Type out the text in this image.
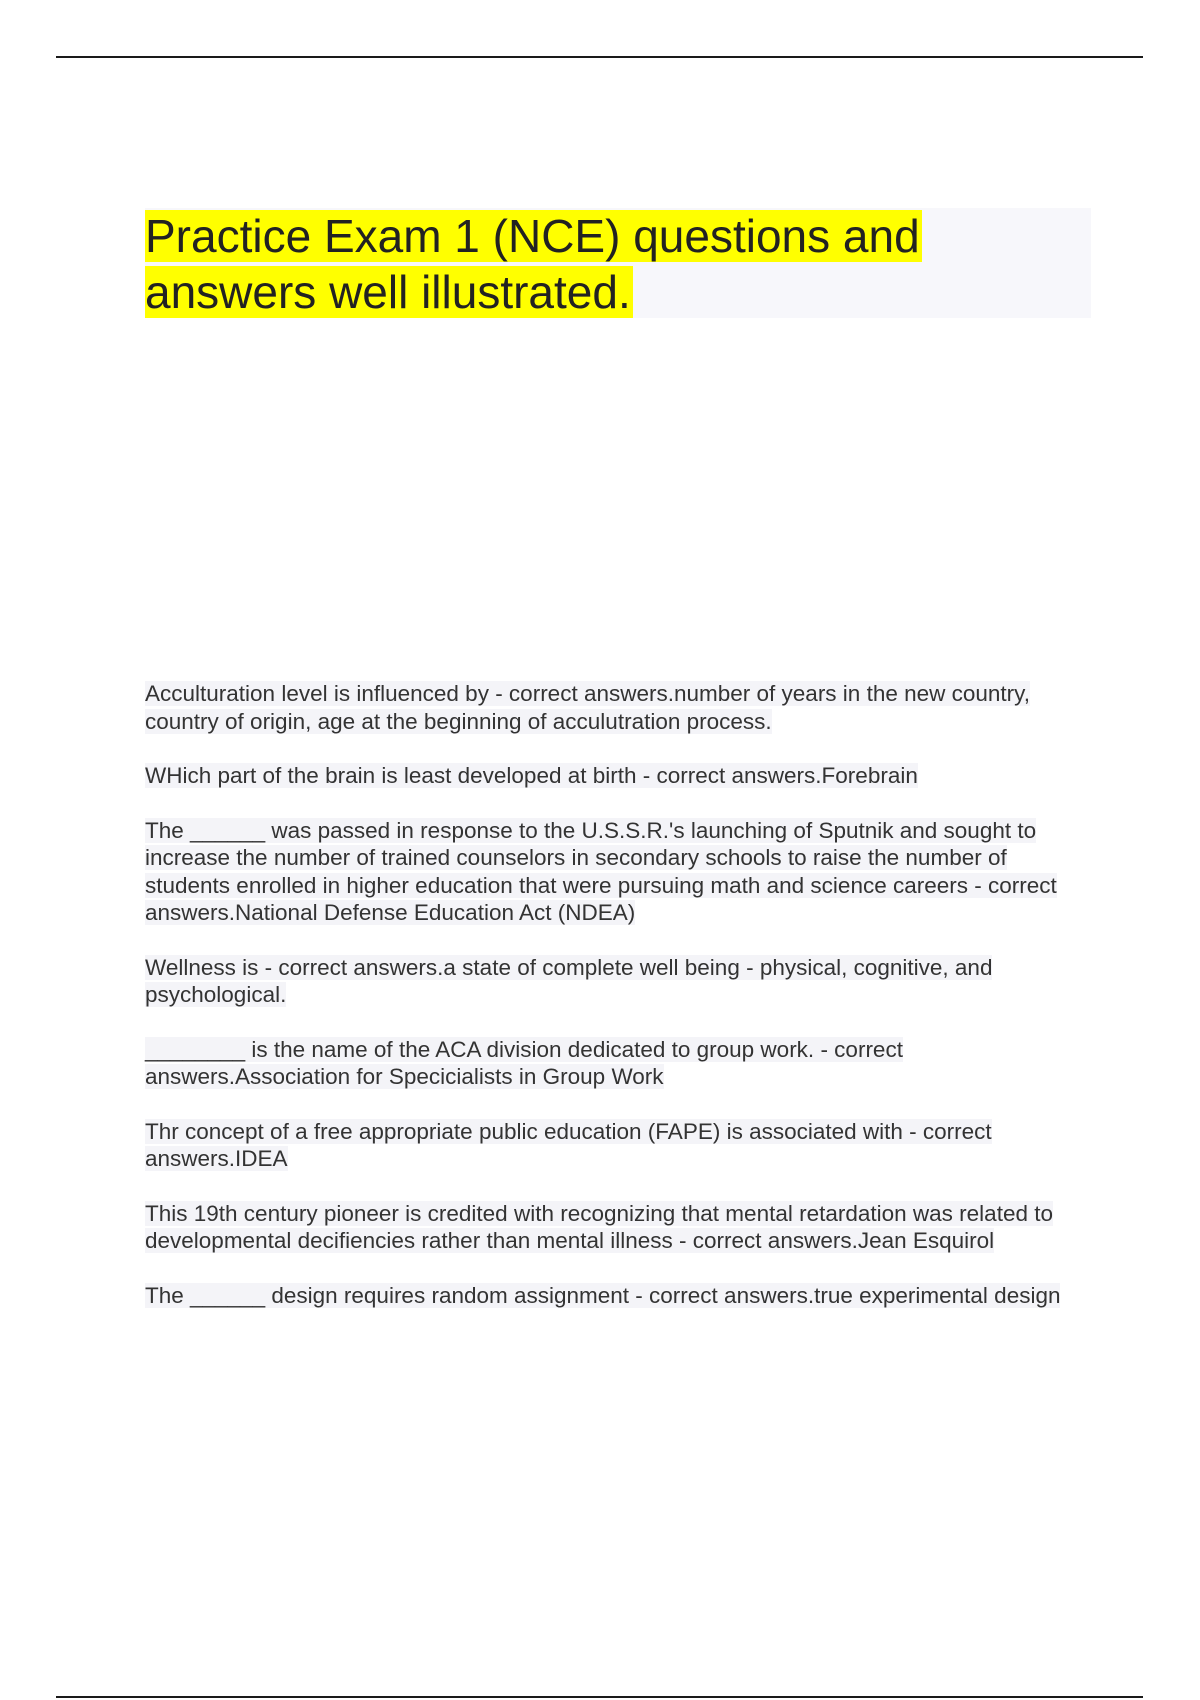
Practice Exam 1 (NCE) questions and answers well illustrated.

Acculturation level is influenced by - correct answers.number of years in the new country, country of origin, age at the beginning of acculutration process.

WHich part of the brain is least developed at birth - correct answers.Forebrain

The ______ was passed in response to the U.S.S.R.'s launching of Sputnik and sought to increase the number of trained counselors in secondary schools to raise the number of students enrolled in higher education that were pursuing math and science careers - correct answers.National Defense Education Act (NDEA)

Wellness is - correct answers.a state of complete well being - physical, cognitive, and psychological.

________ is the name of the ACA division dedicated to group work. - correct answers.Association for Specicialists in Group Work

Thr concept of a free appropriate public education (FAPE) is associated with - correct answers.IDEA

This 19th century pioneer is credited with recognizing that mental retardation was related to developmental decifiencies rather than mental illness - correct answers.Jean Esquirol

The ______ design requires random assignment - correct answers.true experimental design
